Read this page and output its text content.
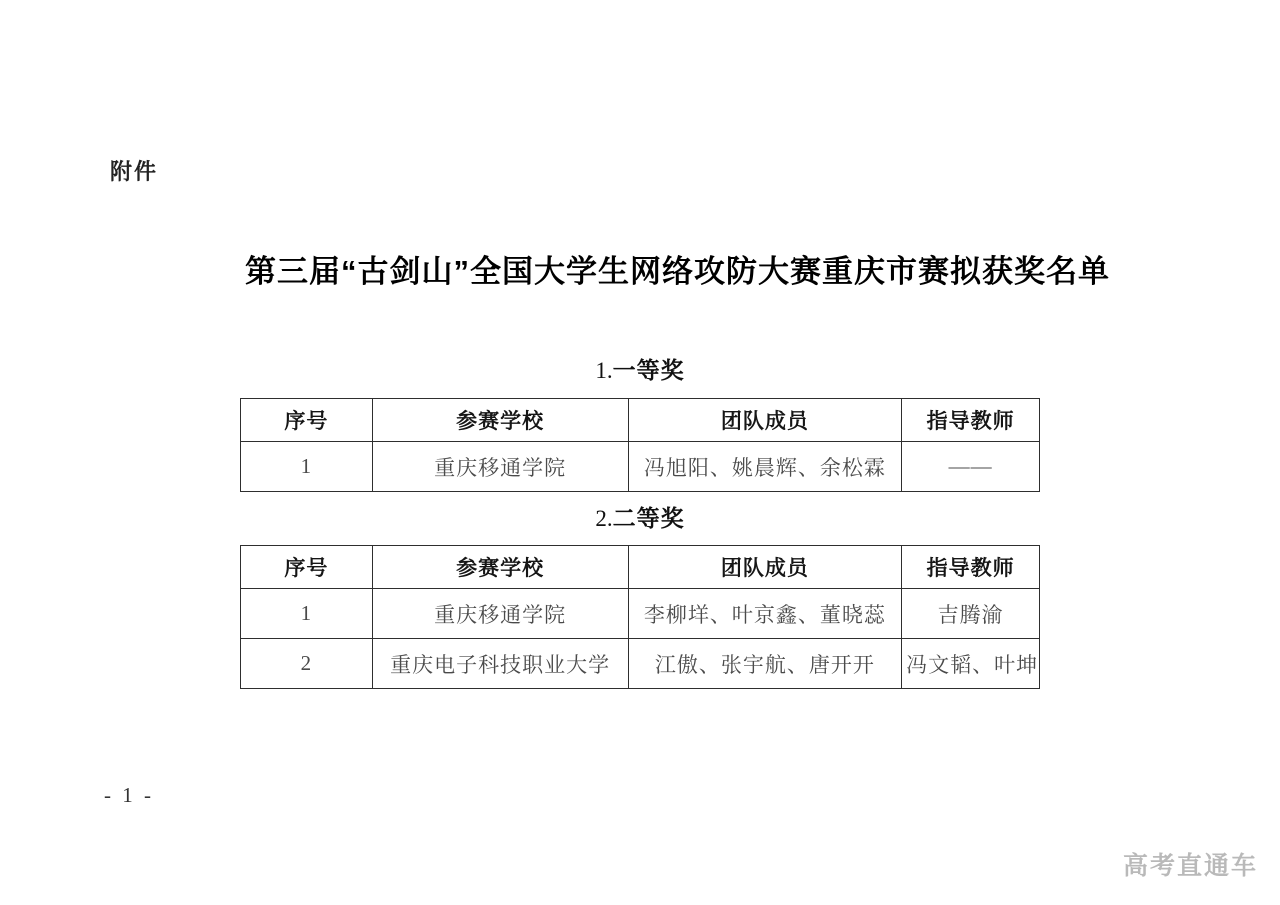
附件
第三届“古剑山”全国大学生网络攻防大赛重庆市赛拟获奖名单
1.一等奖
序号	参赛学校	团队成员	指导教师
1	重庆移通学院	冯旭阳、姚晨辉、余松霖	——
2.二等奖
序号	参赛学校	团队成员	指导教师
1	重庆移通学院	李柳垟、叶京鑫、董晓蕊	吉腾渝
2	重庆电子科技职业大学	江傲、张宇航、唐开开	冯文韬、叶坤
- 1 -
高考直通车
